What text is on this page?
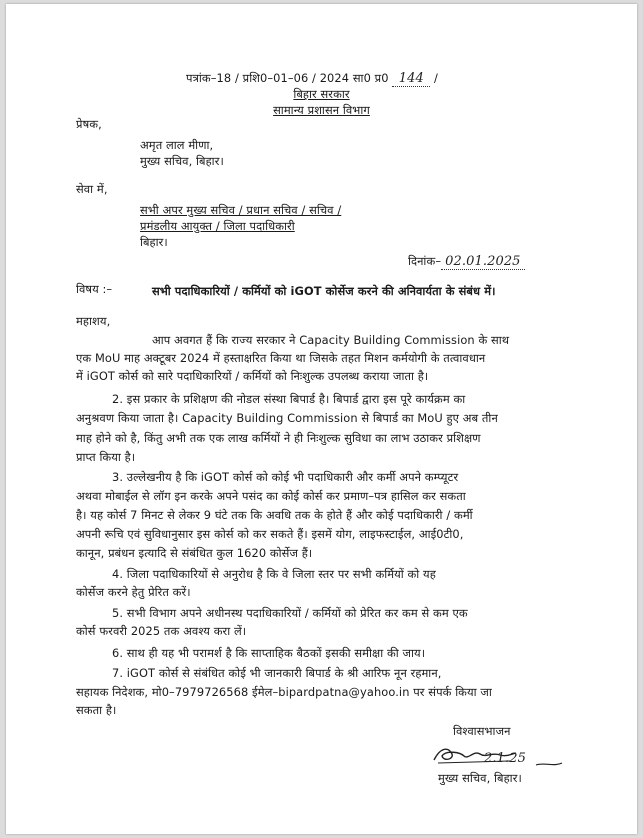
पत्रांक–18 / प्रशि0–01–06 / 2024 सा0 प्र0 144 /
बिहार सरकार
सामान्य प्रशासन विभाग
प्रेषक,
अमृत लाल मीणा,
मुख्य सचिव, बिहार।
सेवा में,
सभी अपर मुख्य सचिव / प्रधान सचिव / सचिव /
प्रमंडलीय आयुक्त / जिला पदाधिकारी
बिहार।
दिनांक– 02.01.2025
विषय :–	सभी पदाधिकारियों / कर्मियों को iGOT कोर्सेज करने की अनिवार्यता के संबंध में।
महाशय,
आप अवगत हैं कि राज्य सरकार ने Capacity Building Commission के साथ
एक MoU माह अक्टूबर 2024 में हस्ताक्षरित किया था जिसके तहत मिशन कर्मयोगी के तत्वावधान
में iGOT कोर्स को सारे पदाधिकारियों / कर्मियों को निःशुल्क उपलब्ध कराया जाता है।
2. इस प्रकार के प्रशिक्षण की नोडल संस्था बिपार्ड है। बिपार्ड द्वारा इस पूरे कार्यक्रम का
अनुश्रवण किया जाता है। Capacity Building Commission से बिपार्ड का MoU हुए अब तीन
माह होने को है, किंतु अभी तक एक लाख कर्मियों ने ही निःशुल्क सुविधा का लाभ उठाकर प्रशिक्षण
प्राप्त किया है।
3. उल्लेखनीय है कि iGOT कोर्स को कोई भी पदाधिकारी और कर्मी अपने कम्प्यूटर
अथवा मोबाईल से लॉग इन करके अपने पसंद का कोई कोर्स कर प्रमाण–पत्र हासिल कर सकता
है। यह कोर्स 7 मिनट से लेकर 9 घंटे तक कि अवधि तक के होते हैं और कोई पदाधिकारी / कर्मी
अपनी रूचि एवं सुविधानुसार इस कोर्स को कर सकते हैं। इसमें योग, लाइफस्टाईल, आई0टी0,
कानून, प्रबंधन इत्यादि से संबंधित कुल 1620 कोर्सेज हैं।
4. जिला पदाधिकारियों से अनुरोध है कि वे जिला स्तर पर सभी कर्मियों को यह
कोर्सेज करने हेतु प्रेरित करें।
5. सभी विभाग अपने अधीनस्थ पदाधिकारियों / कर्मियों को प्रेरित कर कम से कम एक
कोर्स फरवरी 2025 तक अवश्य करा लें।
6. साथ ही यह भी परामर्श है कि साप्ताहिक बैठकों इसकी समीक्षा की जाय।
7. iGOT कोर्स से संबंधित कोई भी जानकारी बिपार्ड के श्री आरिफ नून रहमान,
सहायक निदेशक, मो0–7979726568 ईमेल–bipardpatna@yahoo.in पर संपर्क किया जा
सकता है।
विश्वासभाजन
2.1.25
मुख्य सचिव, बिहार।
